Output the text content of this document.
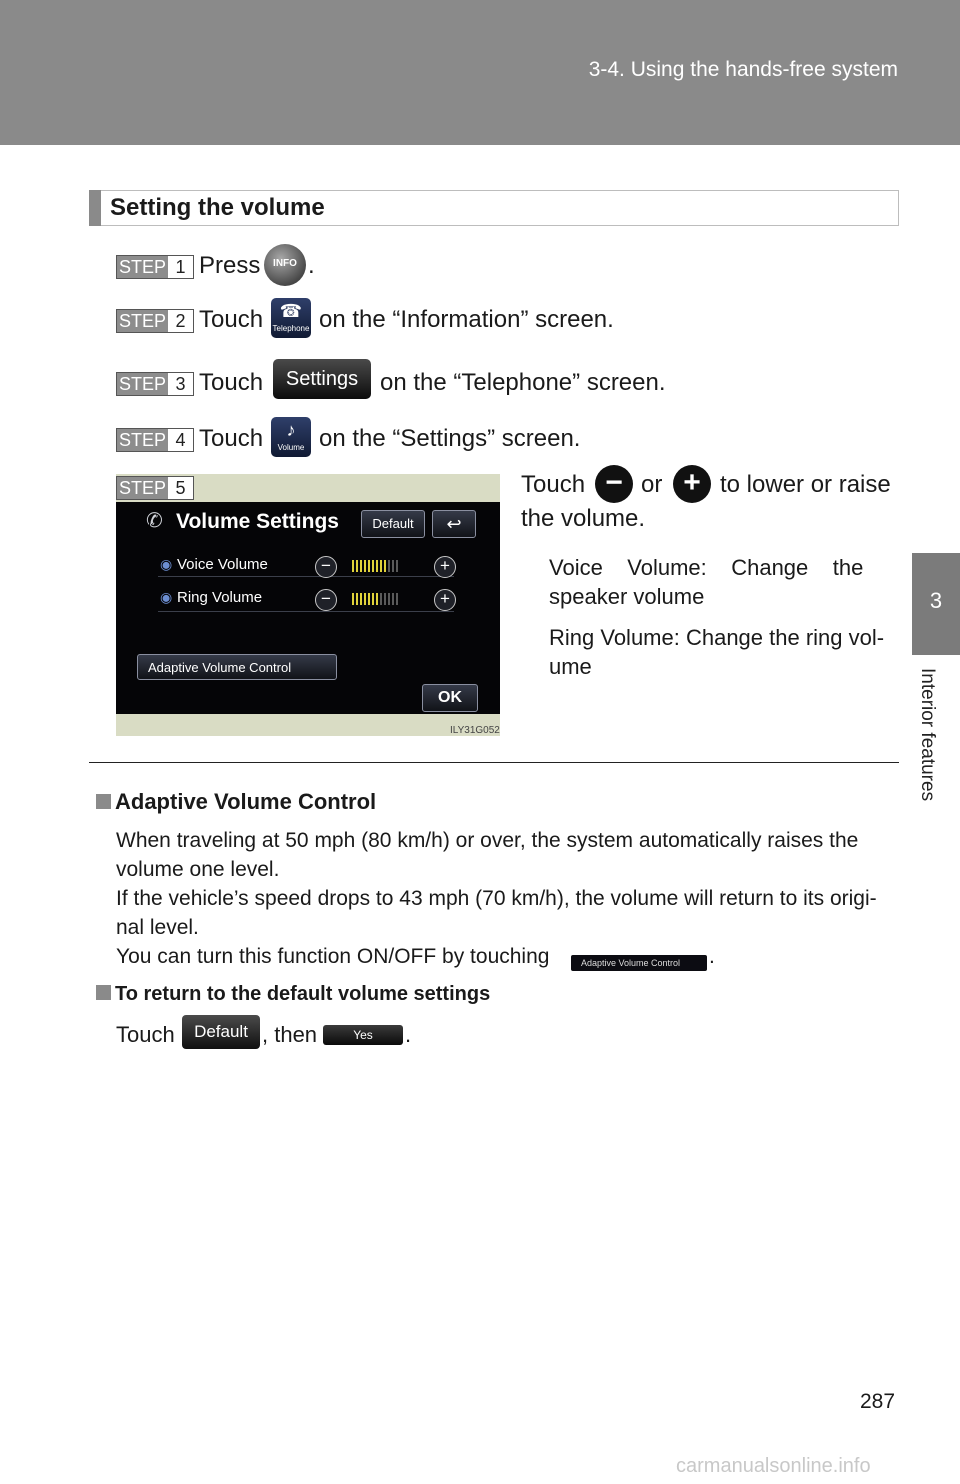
3-4. Using the hands-free system
3
Interior features
Setting the volume
STEP 1 Press	INFO .
STEP 2 Touch ☎
Telephone on the “Information” screen.
STEP 3 Touch	Settings on the “Telephone” screen.
STEP 4 Touch	♪
Volume on the “Settings” screen.
STEP 5
✆ Volume Settings	Default	↩
◉ Voice Volume	−	+
◉ Ring Volume	−	+
Adaptive Volume Control
OK
ILY31G052
Touch − or + to lower or raise
the volume.
Voice    Volume:    Change    the
speaker volume
Ring Volume: Change the ring vol-
ume
Adaptive Volume Control
When traveling at 50 mph (80 km/h) or over, the system automatically raises the
volume one level.
If the vehicle’s speed drops to 43 mph (70 km/h), the volume will return to its origi-
nal level.
You can turn this function ON/OFF by touching	Adaptive Volume Control	.
To return to the default volume settings
Touch	Default , then	Yes	.
287
carmanualsonline.info
